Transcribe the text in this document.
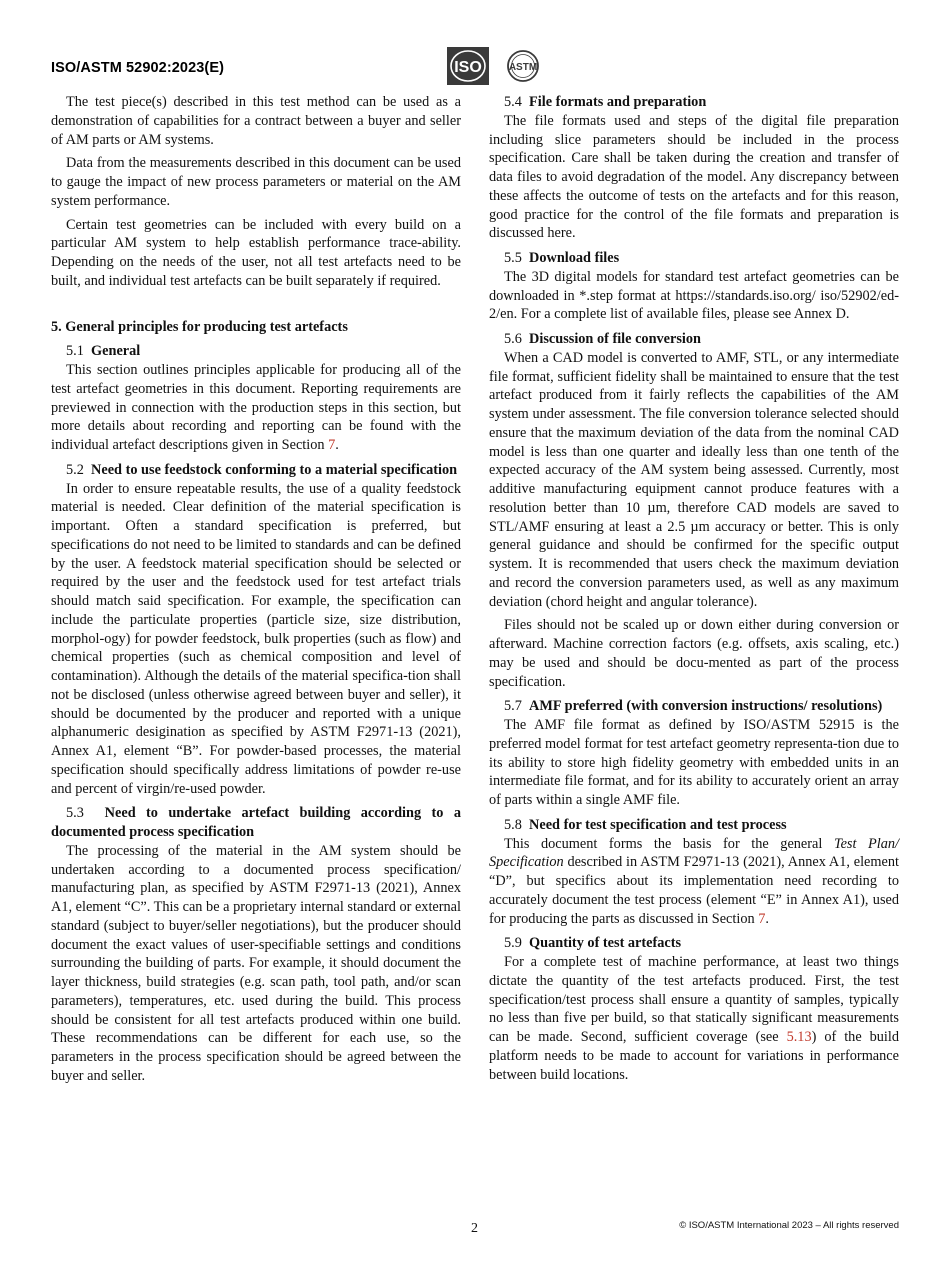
ISO/ASTM 52902:2023(E)	ISO	ASTM

The test piece(s) described in this test method can be used as a demonstration of capabilities for a contract between a buyer and seller of AM parts or AM systems.

Data from the measurements described in this document can be used to gauge the impact of new process parameters or material on the AM system performance.

Certain test geometries can be included with every build on a particular AM system to help establish performance trace-ability. Depending on the needs of the user, not all test artefacts need to be built, and individual test artefacts can be built separately if required.

5. General principles for producing test artefacts

5.1 General

This section outlines principles applicable for producing all of the test artefact geometries in this document. Reporting requirements are previewed in connection with the production steps in this section, but more details about recording and reporting can be found with the individual artefact descriptions given in Section 7.

5.2 Need to use feedstock conforming to a material specification

In order to ensure repeatable results, the use of a quality feedstock material is needed. Clear definition of the material specification is important. Often a standard specification is preferred, but specifications do not need to be limited to standards and can be defined by the user. A feedstock material specification should be selected or required by the user and the feedstock used for test artefact trials should match said specification. For example, the specification can include the particulate properties (particle size, size distribution, morphol-ogy) for powder feedstock, bulk properties (such as flow) and chemical properties (such as chemical composition and level of contamination). Although the details of the material specifica-tion shall not be disclosed (unless otherwise agreed between buyer and seller), it should be documented by the producer and reported with a unique alphanumeric desigination as specified by ASTM F2971-13 (2021), Annex A1, element “B”. For powder-based processes, the material specification should specifically address limitations of powder re-use and percent of virgin/re-used powder.

5.3 Need to undertake artefact building according to a documented process specification

The processing of the material in the AM system should be undertaken according to a documented process specification/ manufacturing plan, as specified by ASTM F2971-13 (2021), Annex A1, element “C”. This can be a proprietary internal standard or external standard (subject to buyer/seller negotiations), but the producer should document the exact values of user-specifiable settings and conditions surrounding the building of parts. For example, it should document the layer thickness, build strategies (e.g. scan path, tool path, and/or scan parameters), temperatures, etc. used during the build. This process should be consistent for all test artefacts produced within one build. These recommendations can be different for each use, so the parameters in the process specification should be agreed between the buyer and seller.

5.4 File formats and preparation

The file formats used and steps of the digital file preparation including slice parameters should be included in the process specification. Care shall be taken during the creation and transfer of data files to avoid degradation of the model. Any discrepancy between these affects the outcome of tests on the artefacts and for this reason, good practice for the control of the file formats and preparation is discussed here.

5.5 Download files

The 3D digital models for standard test artefact geometries can be downloaded in *.step format at https://standards.iso.org/ iso/52902/ed-2/en. For a complete list of available files, please see Annex D.

5.6 Discussion of file conversion

When a CAD model is converted to AMF, STL, or any intermediate file format, sufficient fidelity shall be maintained to ensure that the test artefact produced from it fairly reflects the capabilities of the AM system under assessment. The file conversion tolerance selected should ensure that the maximum deviation of the data from the nominal CAD model is less than one quarter and ideally less than one tenth of the expected accuracy of the AM system being assessed. Currently, most additive manufacturing equipment cannot produce features with a resolution better than 10 µm, therefore CAD models are saved to STL/AMF ensuring at least a 2.5 µm accuracy or better. This is only general guidance and should be confirmed for the specific output system. It is recommended that users check the maximum deviation and record the conversion parameters used, as well as any maximum deviation (chord height and angular tolerance).

Files should not be scaled up or down either during conversion or afterward. Machine correction factors (e.g. offsets, axis scaling, etc.) may be used and should be docu-mented as part of the process specification.

5.7 AMF preferred (with conversion instructions/ resolutions)

The AMF file format as defined by ISO/ASTM 52915 is the preferred model format for test artefact geometry representa-tion due to its ability to store high fidelity geometry with embedded units in an intermediate file format, and for its ability to accurately orient an array of parts within a single AMF file.

5.8 Need for test specification and test process

This document forms the basis for the general Test Plan/ Specification described in ASTM F2971-13 (2021), Annex A1, element “D”, but specifics about its implementation need recording to accurately document the test process (element “E” in Annex A1), used for producing the parts as discussed in Section 7.

5.9 Quantity of test artefacts

For a complete test of machine performance, at least two things dictate the quantity of the test artefacts produced. First, the test specification/test process shall ensure a quantity of samples, typically no less than five per build, so that statically significant measurements can be made. Second, sufficient coverage (see 5.13) of the build platform needs to be made to account for variations in performance between build locations.

2	© ISO/ASTM International 2023 – All rights reserved
